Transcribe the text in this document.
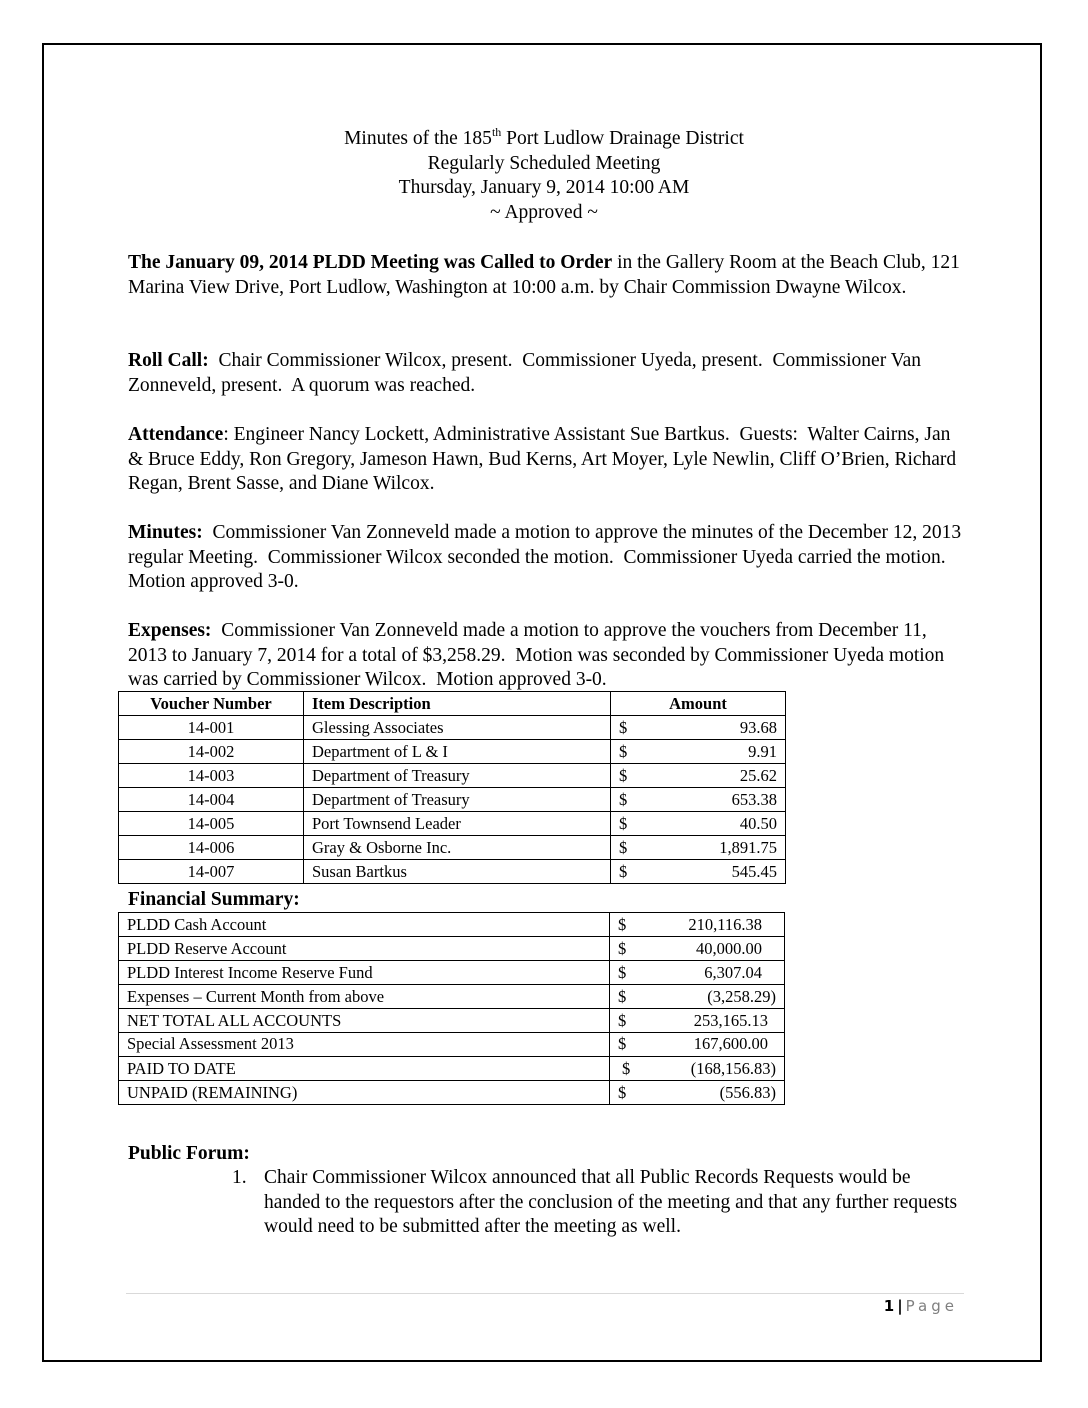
Minutes of the 185th Port Ludlow Drainage District
Regularly Scheduled Meeting
Thursday, January 9, 2014 10:00 AM
~ Approved ~
The January 09, 2014 PLDD Meeting was Called to Order in the Gallery Room at the Beach Club, 121 Marina View Drive, Port Ludlow, Washington at 10:00 a.m. by Chair Commission Dwayne Wilcox.
Roll Call:  Chair Commissioner Wilcox, present.  Commissioner Uyeda, present.  Commissioner Van Zonneveld, present.  A quorum was reached.
Attendance: Engineer Nancy Lockett, Administrative Assistant Sue Bartkus.  Guests:  Walter Cairns, Jan & Bruce Eddy, Ron Gregory, Jameson Hawn, Bud Kerns, Art Moyer, Lyle Newlin, Cliff O’Brien, Richard Regan, Brent Sasse, and Diane Wilcox.
Minutes:  Commissioner Van Zonneveld made a motion to approve the minutes of the December 12, 2013 regular Meeting.  Commissioner Wilcox seconded the motion.  Commissioner Uyeda carried the motion.  Motion approved 3-0.
Expenses:  Commissioner Van Zonneveld made a motion to approve the vouchers from December 11, 2013 to January 7, 2014 for a total of $3,258.29.  Motion was seconded by Commissioner Uyeda motion was carried by Commissioner Wilcox.  Motion approved 3-0.
Voucher Number	Item Description	Amount
14-001	Glessing Associates	$ 93.68

14-002	Department of L & I	$ 9.91

14-003	Department of Treasury	$ 25.62

14-004	Department of Treasury	$ 653.38

14-005	Port Townsend Leader	$ 40.50

14-006	Gray & Osborne Inc.	$ 1,891.75

14-007	Susan Bartkus	$ 545.45
Financial Summary:
PLDD Cash Account	$ 210,116.38

PLDD Reserve Account	$ 40,000.00

PLDD Interest Income Reserve Fund	$ 6,307.04

Expenses – Current Month from above	$ (3,258.29)

NET TOTAL ALL ACCOUNTS	$ 253,165.13

Special Assessment 2013	$ 167,600.00

PAID TO DATE	$ (168,156.83)

UNPAID (REMAINING)	$ (556.83)
Public Forum:
1. Chair Commissioner Wilcox announced that all Public Records Requests would be handed to the requestors after the conclusion of the meeting and that any further requests would need to be submitted after the meeting as well.
1 | Page
